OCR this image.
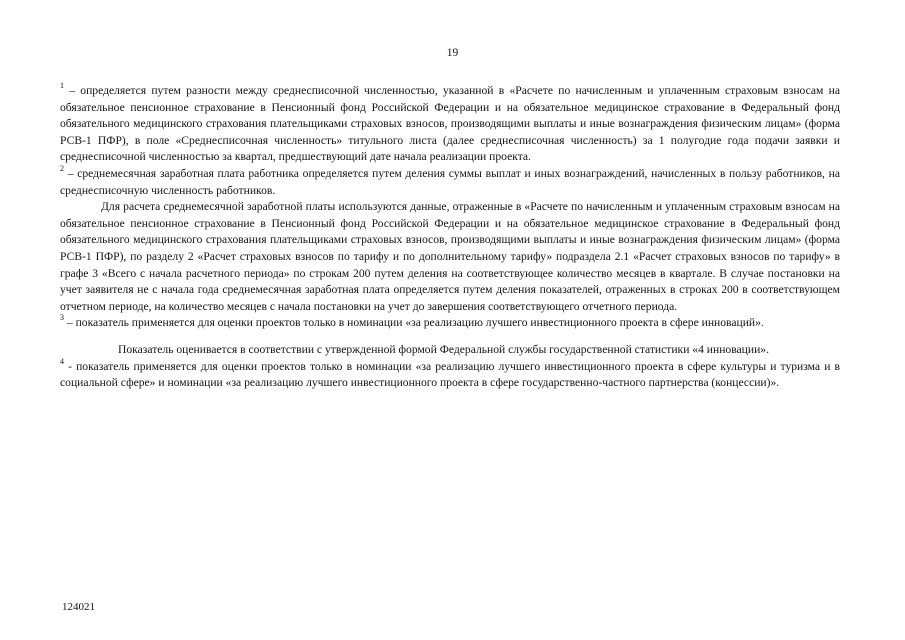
19

$^1$ – определяется путем разности между среднесписочной численностью, указанной в «Расчете по начисленным и уплаченным страховым взносам на обязательное пенсионное страхование в Пенсионный фонд Российской Федерации и на обязательное медицинское страхование в Федеральный фонд обязательного медицинского страхования плательщиками страховых взносов, производящими выплаты и иные вознаграждения физическим лицам» (форма РСВ-1 ПФР), в поле «Среднесписочная численность» титульного листа (далее среднесписочная численность) за 1 полугодие года подачи заявки и среднесписочной численностью за квартал, предшествующий дате начала реализации проекта.

$^2$ – среднемесячная заработная плата работника определяется путем деления суммы выплат и иных вознаграждений, начисленных в пользу работников, на среднесписочную численность работников.

Для расчета среднемесячной заработной платы используются данные, отраженные в «Расчете по начисленным и уплаченным страховым взносам на обязательное пенсионное страхование в Пенсионный фонд Российской Федерации и на обязательное медицинское страхование в Федеральный фонд обязательного медицинского страхования плательщиками страховых взносов, производящими выплаты и иные вознаграждения физическим лицам» (форма РСВ-1 ПФР), по разделу 2 «Расчет страховых взносов по тарифу и по дополнительному тарифу» подраздела 2.1 «Расчет страховых взносов по тарифу» в графе 3 «Всего с начала расчетного периода» по строкам 200 путем деления на соответствующее количество месяцев в квартале. В случае постановки на учет заявителя не с начала года среднемесячная заработная плата определяется путем деления показателей, отраженных в строках 200 в соответствующем отчетном периоде, на количество месяцев с начала постановки на учет до завершения соответствующего отчетного периода.

$^3$ – показатель применяется для оценки проектов только в номинации «за реализацию лучшего инвестиционного проекта в сфере инноваций».

Показатель оценивается в соответствии с утвержденной формой Федеральной службы государственной статистики «4 инновации».

$^4$ - показатель применяется для оценки проектов только в номинации «за реализацию лучшего инвестиционного проекта в сфере культуры и туризма и в социальной сфере» и номинации «за реализацию лучшего инвестиционного проекта в сфере государственно-частного партнерства (концессии)».

124021
